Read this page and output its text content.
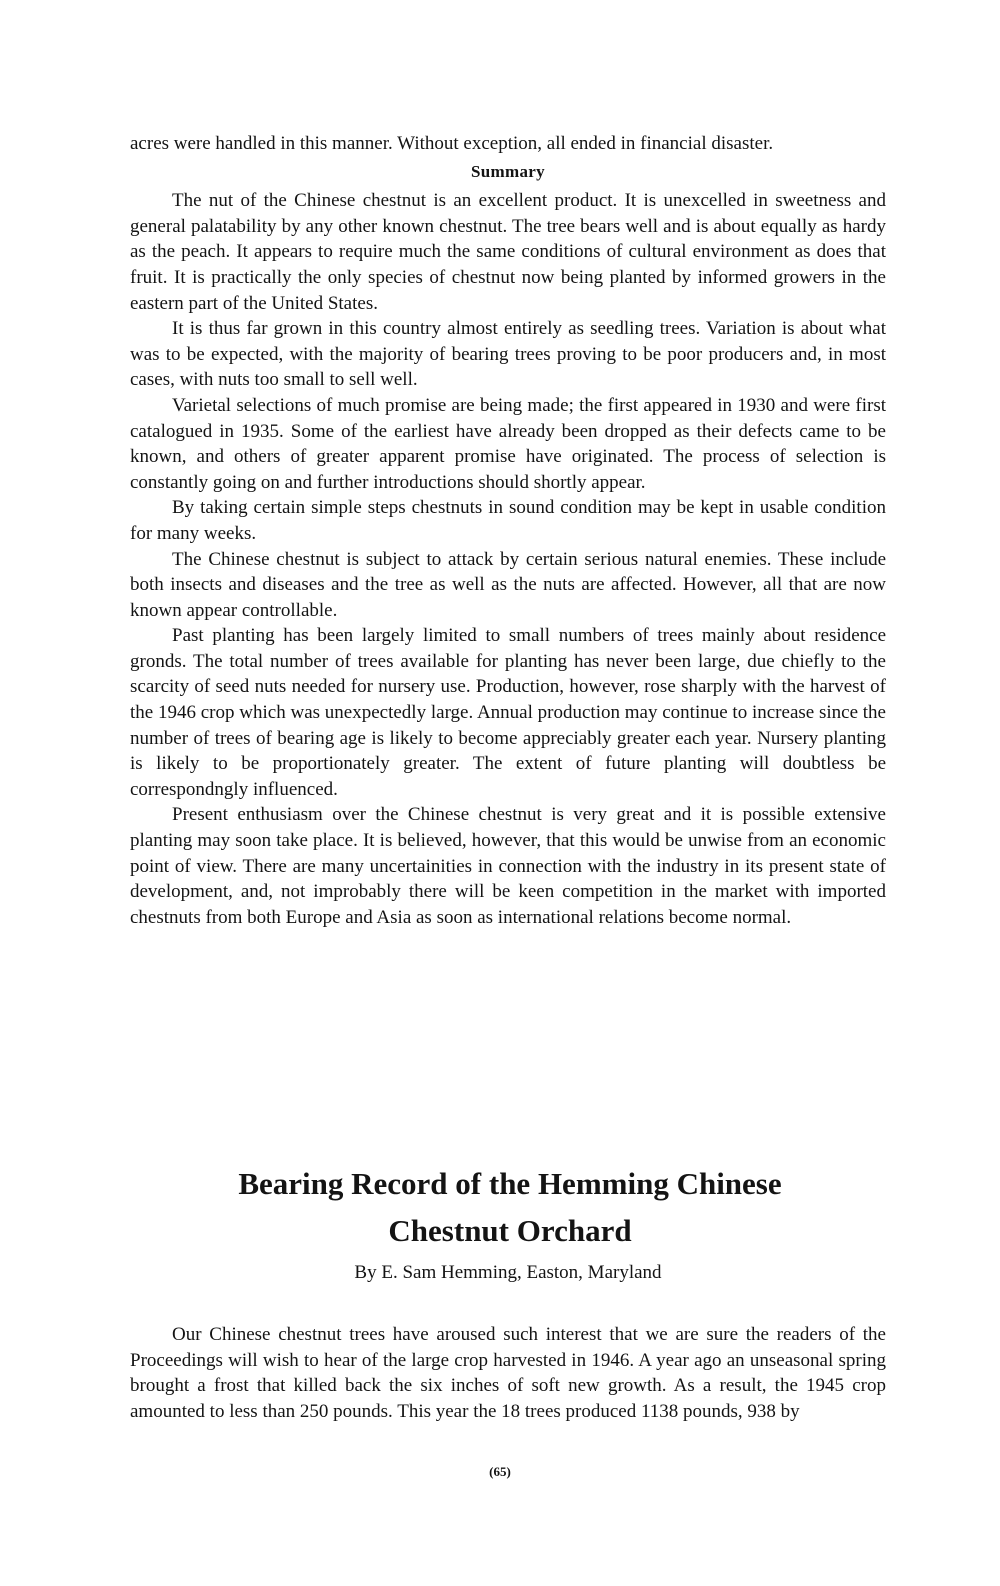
acres were handled in this manner. Without exception, all ended in financial disaster.

Summary

The nut of the Chinese chestnut is an excellent product. It is unexcelled in sweetness and general palatability by any other known chestnut. The tree bears well and is about equally as hardy as the peach. It appears to require much the same conditions of cultural environment as does that fruit. It is practically the only species of chestnut now being planted by informed growers in the eastern part of the United States.

It is thus far grown in this country almost entirely as seedling trees. Variation is about what was to be expected, with the majority of bearing trees proving to be poor producers and, in most cases, with nuts too small to sell well.

Varietal selections of much promise are being made; the first appeared in 1930 and were first catalogued in 1935. Some of the earliest have already been dropped as their defects came to be known, and others of greater apparent promise have originated. The process of selection is constantly going on and further introductions should shortly appear.

By taking certain simple steps chestnuts in sound condition may be kept in usable condition for many weeks.

The Chinese chestnut is subject to attack by certain serious natural enemies. These include both insects and diseases and the tree as well as the nuts are affected. However, all that are now known appear controllable.

Past planting has been largely limited to small numbers of trees mainly about residence gronds. The total number of trees available for planting has never been large, due chiefly to the scarcity of seed nuts needed for nursery use. Production, however, rose sharply with the harvest of the 1946 crop which was unexpectedly large. Annual production may continue to increase since the number of trees of bearing age is likely to become appreciably greater each year. Nursery planting is likely to be proportionately greater. The extent of future planting will doubtless be correspondngly influenced.

Present enthusiasm over the Chinese chestnut is very great and it is possible extensive planting may soon take place. It is believed, however, that this would be unwise from an economic point of view. There are many uncertainities in connection with the industry in its present state of development, and, not improbably there will be keen competition in the market with imported chestnuts from both Europe and Asia as soon as international relations become normal.

Bearing Record of the Hemming Chinese Chestnut Orchard

By E. Sam Hemming, Easton, Maryland

Our Chinese chestnut trees have aroused such interest that we are sure the readers of the Proceedings will wish to hear of the large crop harvested in 1946. A year ago an unseasonal spring brought a frost that killed back the six inches of soft new growth. As a result, the 1945 crop amounted to less than 250 pounds. This year the 18 trees produced 1138 pounds, 938 by

(65)
